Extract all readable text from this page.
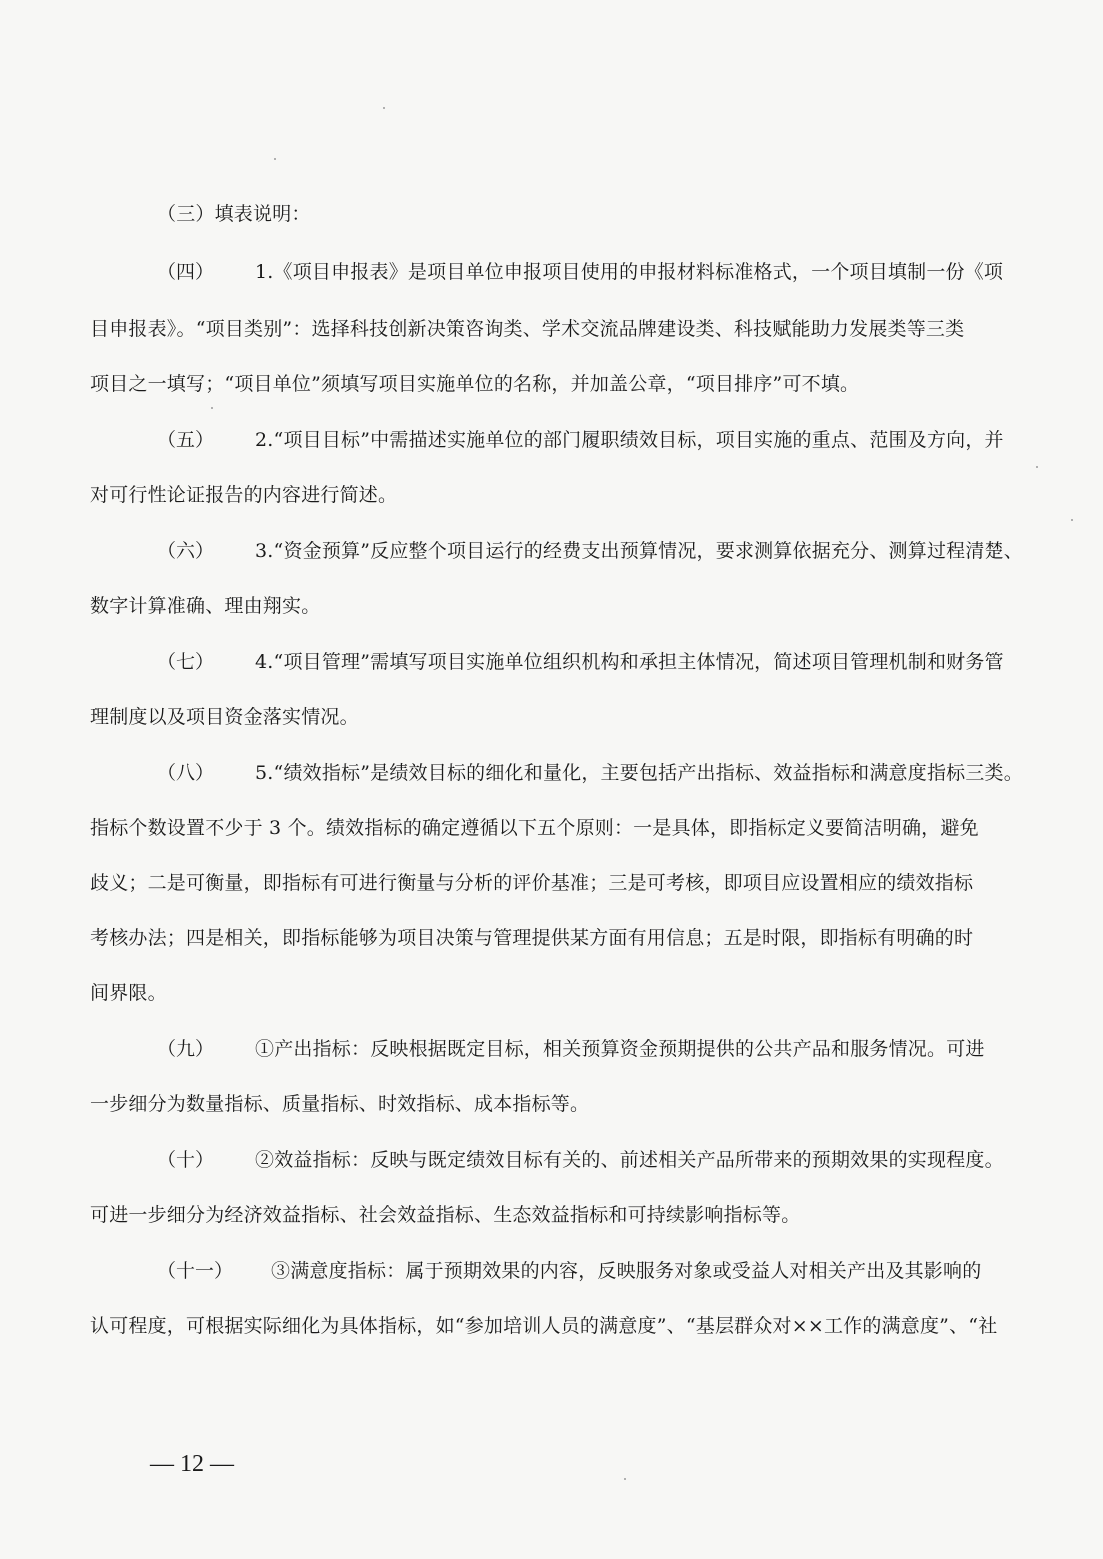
（三）填表说明：
（四） 1.《项目申报表》是项目单位申报项目使用的申报材料标准格式，一个项目填制一份《项
目申报表》。“项目类别”：选择科技创新决策咨询类、学术交流品牌建设类、科技赋能助力发展类等三类
项目之一填写；“项目单位”须填写项目实施单位的名称，并加盖公章，“项目排序”可不填。
（五） 2.“项目目标”中需描述实施单位的部门履职绩效目标，项目实施的重点、范围及方向，并
对可行性论证报告的内容进行简述。
（六） 3.“资金预算”反应整个项目运行的经费支出预算情况，要求测算依据充分、测算过程清楚、
数字计算准确、理由翔实。
（七） 4.“项目管理”需填写项目实施单位组织机构和承担主体情况，简述项目管理机制和财务管
理制度以及项目资金落实情况。
（八） 5.“绩效指标”是绩效目标的细化和量化，主要包括产出指标、效益指标和满意度指标三类。
指标个数设置不少于 3 个。绩效指标的确定遵循以下五个原则：一是具体，即指标定义要简洁明确，避免
歧义；二是可衡量，即指标有可进行衡量与分析的评价基准；三是可考核，即项目应设置相应的绩效指标
考核办法；四是相关，即指标能够为项目决策与管理提供某方面有用信息；五是时限，即指标有明确的时
间界限。
（九） ①产出指标：反映根据既定目标，相关预算资金预期提供的公共产品和服务情况。可进
一步细分为数量指标、质量指标、时效指标、成本指标等。
（十） ②效益指标：反映与既定绩效目标有关的、前述相关产品所带来的预期效果的实现程度。
可进一步细分为经济效益指标、社会效益指标、生态效益指标和可持续影响指标等。
（十一） ③满意度指标：属于预期效果的内容，反映服务对象或受益人对相关产出及其影响的
认可程度，可根据实际细化为具体指标，如“参加培训人员的满意度”、“基层群众对××工作的满意度”、“社
— 12 —
